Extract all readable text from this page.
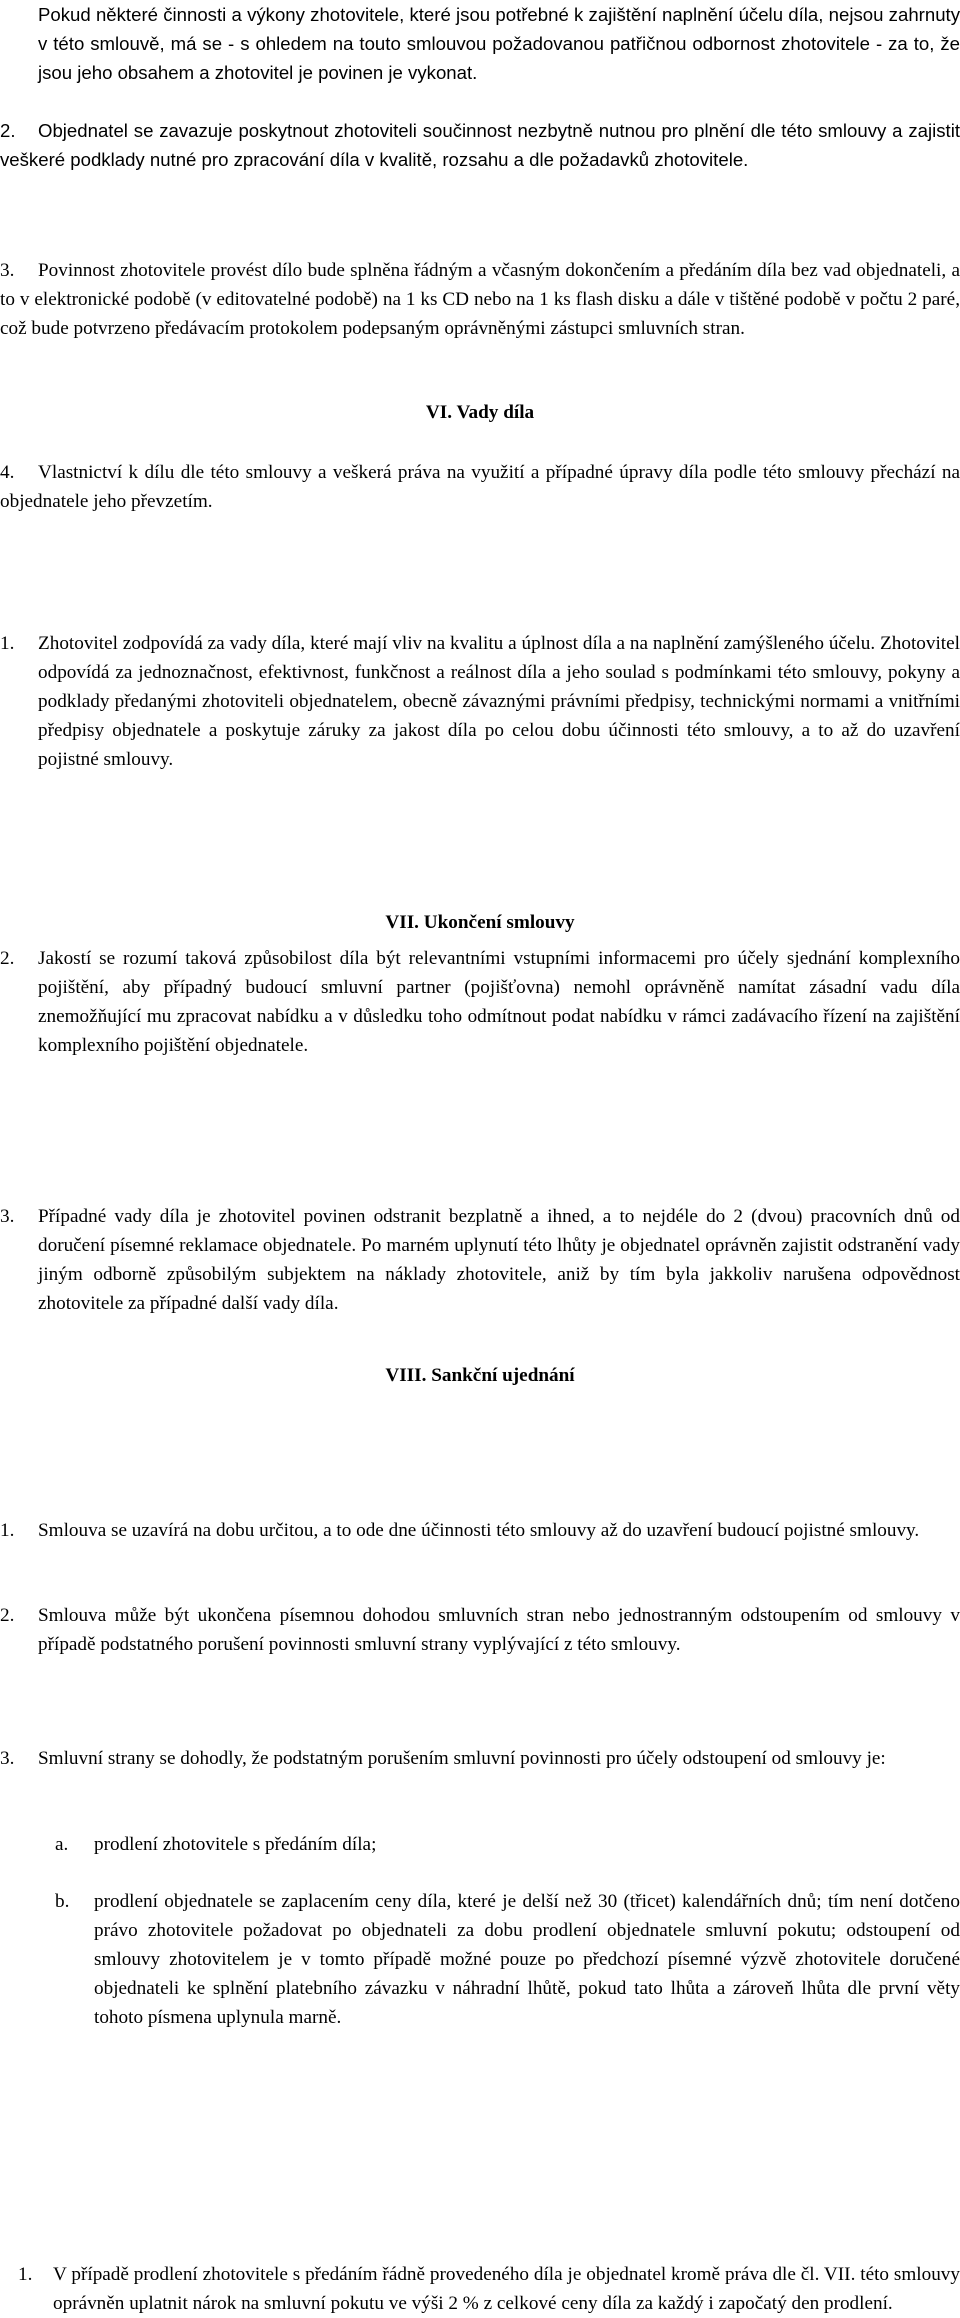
Pokud některé činnosti a výkony zhotovitele, které jsou potřebné k zajištění naplnění účelu díla, nejsou zahrnuty v této smlouvě, má se - s ohledem na touto smlouvou požadovanou patřičnou odbornost zhotovitele - za to, že jsou jeho obsahem a zhotovitel je povinen je vykonat.
2.	Objednatel se zavazuje poskytnout zhotoviteli součinnost nezbytně nutnou pro plnění dle této smlouvy a zajistit veškeré podklady nutné pro zpracování díla v kvalitě, rozsahu a dle požadavků zhotovitele.
3.	Povinnost zhotovitele provést dílo bude splněna řádným a včasným dokončením a předáním díla bez vad objednateli, a to v elektronické podobě (v editovatelné podobě) na 1 ks CD nebo na 1 ks flash disku a dále v tištěné podobě v počtu 2 paré, což bude potvrzeno předávacím protokolem podepsaným oprávněnými zástupci smluvních stran.
4.	Vlastnictví k dílu dle této smlouvy a veškerá práva na využití a případné úpravy díla podle této smlouvy přechází na objednatele jeho převzetím.
VI. Vady díla
1.	Zhotovitel zodpovídá za vady díla, které mají vliv na kvalitu a úplnost díla a na naplnění zamýšleného účelu. Zhotovitel odpovídá za jednoznačnost, efektivnost, funkčnost a reálnost díla a jeho soulad s podmínkami této smlouvy, pokyny a podklady předanými zhotoviteli objednatelem, obecně závaznými právními předpisy, technickými normami a vnitřními předpisy objednatele a poskytuje záruky za jakost díla po celou dobu účinnosti této smlouvy, a to až do uzavření pojistné smlouvy.
2.	Jakostí se rozumí taková způsobilost díla být relevantními vstupními informacemi pro účely sjednání komplexního pojištění, aby případný budoucí smluvní partner (pojišťovna) nemohl oprávněně namítat zásadní vadu díla znemožňující mu zpracovat nabídku a v důsledku toho odmítnout podat nabídku v rámci zadávacího řízení na zajištění komplexního pojištění objednatele.
3.	Případné vady díla je zhotovitel povinen odstranit bezplatně a ihned, a to nejdéle do 2 (dvou) pracovních dnů od doručení písemné reklamace objednatele. Po marném uplynutí této lhůty je objednatel oprávněn zajistit odstranění vady jiným odborně způsobilým subjektem na náklady zhotovitele, aniž by tím byla jakkoliv narušena odpovědnost zhotovitele za případné další vady díla.
VII. Ukončení smlouvy
1.	Smlouva se uzavírá na dobu určitou, a to ode dne účinnosti této smlouvy až do uzavření budoucí pojistné smlouvy.
2.	Smlouva může být ukončena písemnou dohodou smluvních stran nebo jednostranným odstoupením od smlouvy v případě podstatného porušení povinnosti smluvní strany vyplývající z této smlouvy.
3.	Smluvní strany se dohodly, že podstatným porušením smluvní povinnosti pro účely odstoupení od smlouvy je:
a.	prodlení zhotovitele s předáním díla;
b.	prodlení objednatele se zaplacením ceny díla, které je delší než 30 (třicet) kalendářních dnů; tím není dotčeno právo zhotovitele požadovat po objednateli za dobu prodlení objednatele smluvní pokutu; odstoupení od smlouvy zhotovitelem je v tomto případě možné pouze po předchozí písemné výzvě zhotovitele doručené objednateli ke splnění platebního závazku v náhradní lhůtě, pokud tato lhůta a zároveň lhůta dle první věty tohoto písmena uplynula marně.
VIII. Sankční ujednání
1.	V případě prodlení zhotovitele s předáním řádně provedeného díla je objednatel kromě práva dle čl. VII. této smlouvy oprávněn uplatnit nárok na smluvní pokutu ve výši 2 % z celkové ceny díla za každý i započatý den prodlení.
